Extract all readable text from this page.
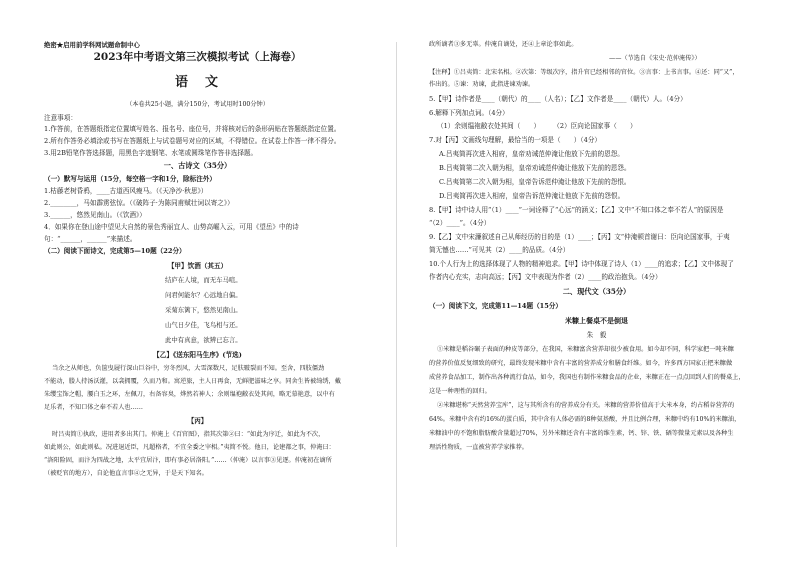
绝密★启用前学科网试题命制中心
2023年中考语文第三次模拟考试（上海卷）
语　文
（本卷共25小题，满分150分，考试用时100分钟）
注意事项：
1.作答前，在答题纸指定位置填写姓名、报名号、座位号，并将核对后的条形码贴在答题纸指定位置。
2.所有作答务必填涂或书写在答题纸上与试卷题号对应的区域，不得错位。在试卷上作答一律不得分。
3.用2B铅笔作答选择题，用黑色字迹钢笔、水笔或圆珠笔作答非选择题。
一、古诗文（35分）
（一）默写与运用（15分，每空格一字和1分，除标注外）
1.枯藤老树昏鸦，____古道西风瘦马。（《天净沙·秋思》）
2.________，马如霹雳弦惊。（《破阵子·为陈同甫赋壮词以寄之》）
3.______，悠然见南山。（《饮酒》）
4．如果你在登山途中望见大自然的景色秀丽宜人、山势高崛入云，可用《望岳》中的诗
句：“______，______”来描述。
（二）阅读下面诗文，完成第5—10题（22分）
【甲】饮酒（其五）
结庐在人境，而无车马喧。
问君何能尔？心远地自偏。
采菊东篱下，悠然见南山。
山气日夕佳，飞鸟相与还。
此中有真意，欲辨已忘言。
【乙】《送东阳马生序》(节选)
当余之从师也，负箧曳屣行深山巨谷中，穷冬烈风，大雪深数尺，足肤皲裂而不知。至舍，四肢僵劲
不能动，媵人持汤沃灌，以衾拥覆，久而乃和。寓逆旅，主人日再食，无鲜肥滋味之享。同舍生皆被绮绣，戴
朱缨宝饰之帽，腰白玉之环，左佩刀，右备容臭，烨然若神人；余则缊袍敝衣处其间，略无慕艳意，以中有
足乐者，不知口体之奉不若人也……
【丙】
时吕夷简①执政，进用者多出其门。仲淹上《百官图》，指其次第②曰：“如此为序迁，如此为不次，
如此则公，如此则私。况进退近臣，凡超格者，不宜全委之宰相。”夷简不悦。他日，论建都之事，仲淹曰：
“洛阳险固，而汴为四战之地，太平宜居汴，即有事必居洛阳。”……（仲淹）以言事③见逐。仲淹初在谪所
（被贬官的地方），自论他直言事④之无异，于是天下知名。
政所谪者③多无辜。仲淹自谪处，还④上章论事如此。
——（节选自《宋史·范仲淹传》）
【注释】①吕夷简：北宋名相。②次第：等级次序，指升官已经相邻的官位。③言事：上书言事。④还：同“又”，
作出的。⑤谏：劝谏，此指进谏劝谏。
5.【甲】诗作者是____（朝代）的____（人名）；【乙】文作者是____（朝代）人。（4分）
6.解释下列加点词。（4分）
（1）余则缊袍敝衣处其间（　　）　　　（2）臣向论国家事（　　）
7.对【丙】文画线句理解，最恰当的一项是（　　）（4分）
A.吕夷简再次进入相府，皇帝劝诫范仲淹让他放下先前的恩怨。
B.吕夷简第二次入朝为相，皇帝劝诫范仲淹让他放下先前的恩怨。
C.吕夷简第二次入朝为相，皇帝告诉范仲淹让他放下先前的怨恨。
D.吕夷简再次进入相府，皇帝告诉范仲淹让他放下先前的怨恨。
8.【甲】诗中诗人用“（1）____”一词诠释了“心远”的涵义；【乙】文中“不知口体之奉不若人”的原因是
“（2）____”。（4分）
9.【乙】文中宋濂叙述自己从师经历的目的是（1）____；【丙】文“仲淹顿首谢曰：臣向论国家事，于夷
简无憾也……”可见其（2）____的品质。（4分）
10.个人行为上的选择体现了人物的精神追求。【甲】诗中体现了诗人（1）____的追求；【乙】文中体现了
作者内心充实，志向高远；【丙】文中表现为作者（2）____的政治抱负。（4分）
二、现代文（35分）
（一）阅读下文，完成第11—14题（15分）
米糠上餐桌不是倒退
朱　毅
①米糠是稻谷碾子表面的种皮等部分，在我国，米糠富含营养却很少被食用。如今却不同，科学家把一吨米糠
的营养价值反复细致的研究，最终发现米糠中含有丰富的营养成分和膳食纤维。如今，许多西方国家正把米糠做
成营养食品加工，制作出各种流行食品，如今，我国也有制作米糠食品的企业，米糠正在一点点回到人们的餐桌上，
这是一种理性的回归。
②米糠堪称“天然营养宝库”，这与其所含有的营养成分有关。米糠的营养价值高于大米本身，约占稻谷营养的
64%。米糠中含有约16%的蛋白质，其中含有人体必需的8种氨基酸，并且比例合理，米糠中约有10%的米糠油，
米糠油中的不饱和脂肪酸含量超过70%，另外米糠还含有丰富的维生素，钙、锌、铁、硒等微量元素以及各种生
理活性物质，一直被营养学家推荐。
